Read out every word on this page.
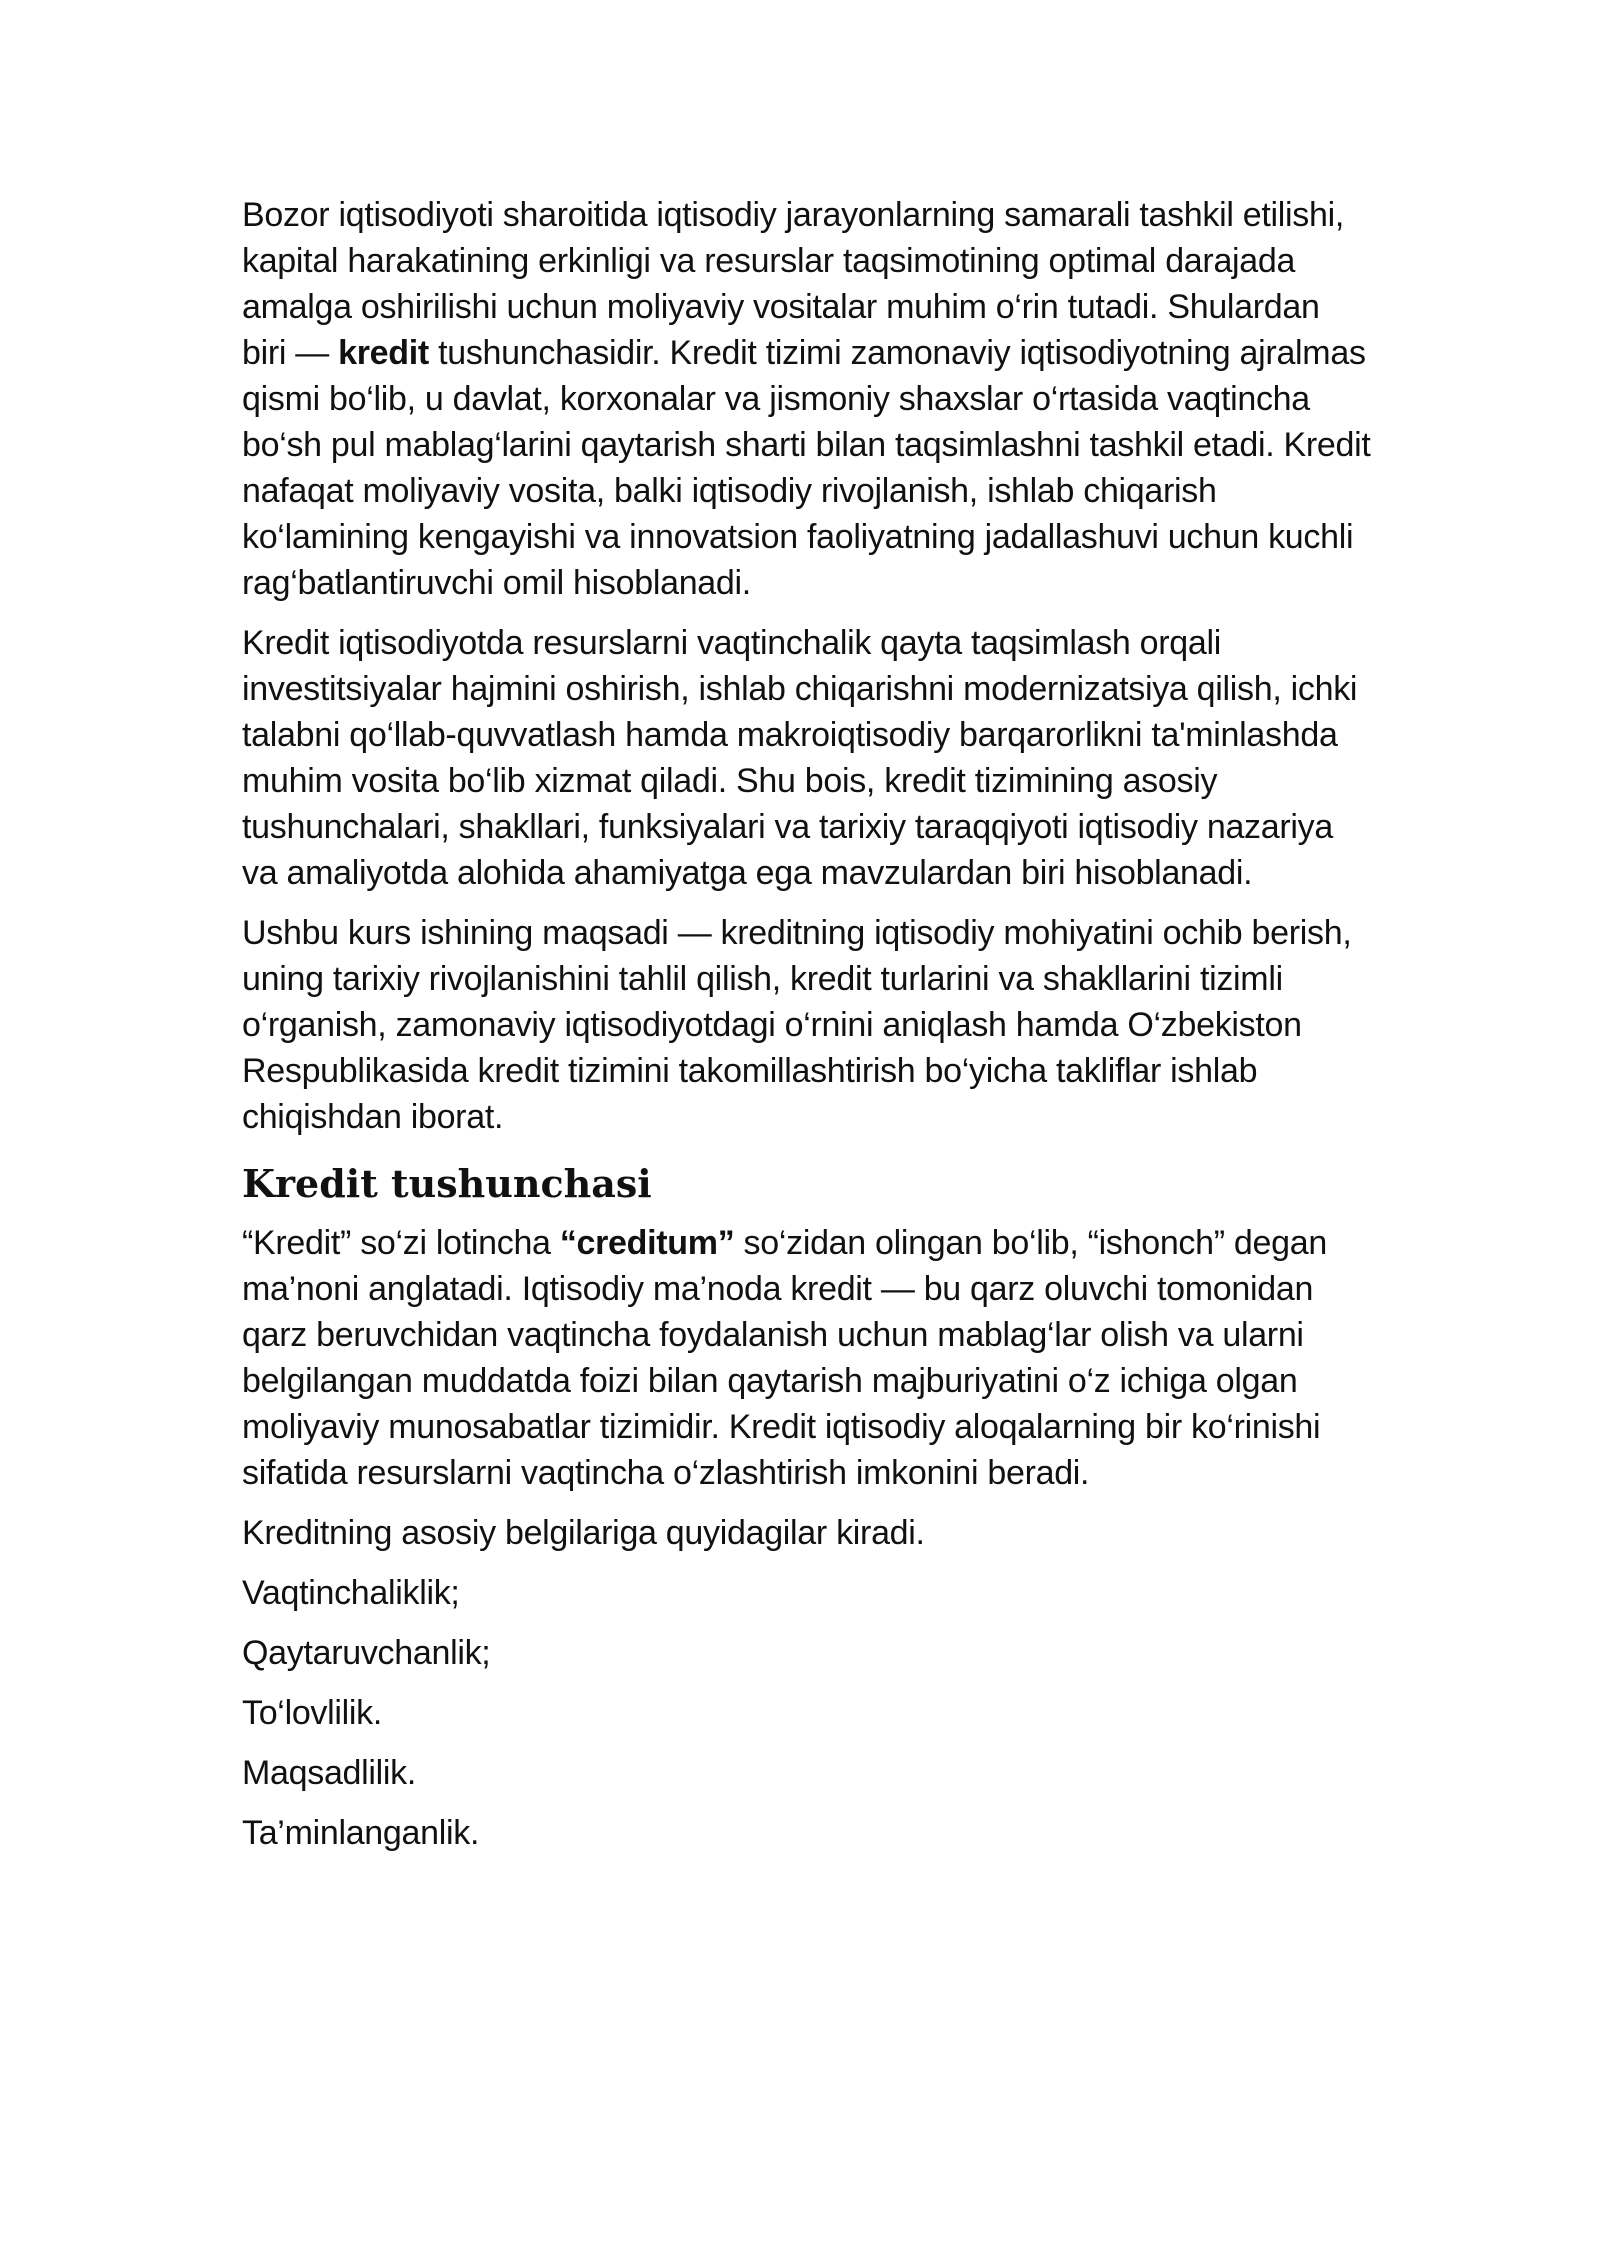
Bozor iqtisodiyoti sharoitida iqtisodiy jarayonlarning samarali tashkil etilishi, kapital harakatining erkinligi va resurslar taqsimotining optimal darajada amalga oshirilishi uchun moliyaviy vositalar muhim o‘rin tutadi. Shulardan biri — kredit tushunchasidir. Kredit tizimi zamonaviy iqtisodiyotning ajralmas qismi bo‘lib, u davlat, korxonalar va jismoniy shaxslar o‘rtasida vaqtincha bo‘sh pul mablag‘larini qaytarish sharti bilan taqsimlashni tashkil etadi. Kredit nafaqat moliyaviy vosita, balki iqtisodiy rivojlanish, ishlab chiqarish ko‘lamining kengayishi va innovatsion faoliyatning jadallashuvi uchun kuchli rag‘batlantiruvchi omil hisoblanadi.

Kredit iqtisodiyotda resurslarni vaqtinchalik qayta taqsimlash orqali investitsiyalar hajmini oshirish, ishlab chiqarishni modernizatsiya qilish, ichki talabni qo‘llab-quvvatlash hamda makroiqtisodiy barqarorlikni ta'minlashda muhim vosita bo‘lib xizmat qiladi. Shu bois, kredit tizimining asosiy tushunchalari, shakllari, funksiyalari va tarixiy taraqqiyoti iqtisodiy nazariya va amaliyotda alohida ahamiyatga ega mavzulardan biri hisoblanadi.

Ushbu kurs ishining maqsadi — kreditning iqtisodiy mohiyatini ochib berish, uning tarixiy rivojlanishini tahlil qilish, kredit turlarini va shakllarini tizimli o‘rganish, zamonaviy iqtisodiyotdagi o‘rnini aniqlash hamda O‘zbekiston Respublikasida kredit tizimini takomillashtirish bo‘yicha takliflar ishlab chiqishdan iborat.

Kredit tushunchasi

“Kredit” so‘zi lotincha “creditum” so‘zidan olingan bo‘lib, “ishonch” degan ma’noni anglatadi. Iqtisodiy ma’noda kredit — bu qarz oluvchi tomonidan qarz beruvchidan vaqtincha foydalanish uchun mablag‘lar olish va ularni belgilangan muddatda foizi bilan qaytarish majburiyatini o‘z ichiga olgan moliyaviy munosabatlar tizimidir. Kredit iqtisodiy aloqalarning bir ko‘rinishi sifatida resurslarni vaqtincha o‘zlashtirish imkonini beradi.

Kreditning asosiy belgilariga quyidagilar kiradi.

Vaqtinchaliklik;

Qaytaruvchanlik;

To‘lovlilik.

Maqsadlilik.

Ta’minlanganlik.
